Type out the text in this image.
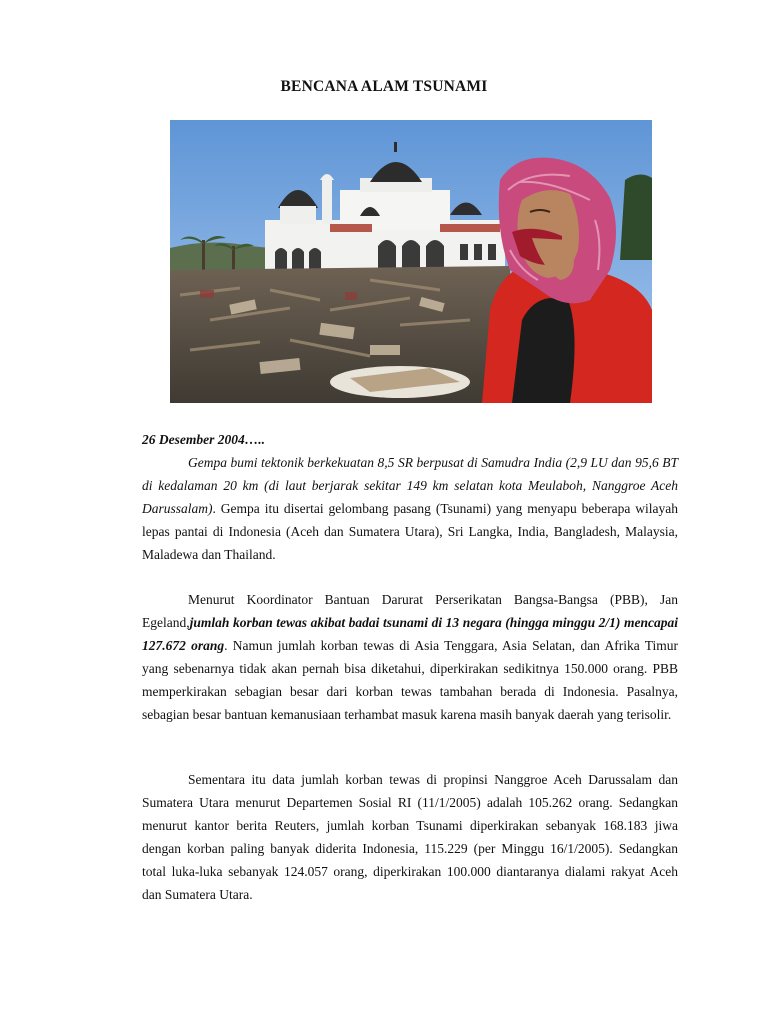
BENCANA ALAM TSUNAMI
26 Desember 2004…..

Gempa bumi tektonik berkekuatan 8,5 SR berpusat di Samudra India (2,9 LU dan 95,6 BT di kedalaman 20 km (di laut berjarak sekitar 149 km selatan kota Meulaboh, Nanggroe Aceh Darussalam). Gempa itu disertai gelombang pasang (Tsunami) yang menyapu beberapa wilayah lepas pantai di Indonesia (Aceh dan Sumatera Utara), Sri Langka, India, Bangladesh, Malaysia, Maladewa dan Thailand.

Menurut Koordinator Bantuan Darurat Perserikatan Bangsa-Bangsa (PBB), Jan Egeland,jumlah korban tewas akibat badai tsunami di 13 negara (hingga minggu 2/1) mencapai 127.672 orang. Namun jumlah korban tewas di Asia Tenggara, Asia Selatan, dan Afrika Timur yang sebenarnya tidak akan pernah bisa diketahui, diperkirakan sedikitnya 150.000 orang. PBB memperkirakan sebagian besar dari korban tewas tambahan berada di Indonesia. Pasalnya, sebagian besar bantuan kemanusiaan terhambat masuk karena masih banyak daerah yang terisolir.

Sementara itu data jumlah korban tewas di propinsi Nanggroe Aceh Darussalam dan Sumatera Utara menurut Departemen Sosial RI (11/1/2005) adalah 105.262 orang. Sedangkan menurut kantor berita Reuters, jumlah korban Tsunami diperkirakan sebanyak 168.183 jiwa dengan korban paling banyak diderita Indonesia, 115.229 (per Minggu 16/1/2005). Sedangkan total luka-luka sebanyak 124.057 orang, diperkirakan 100.000 diantaranya dialami rakyat Aceh dan Sumatera Utara.
